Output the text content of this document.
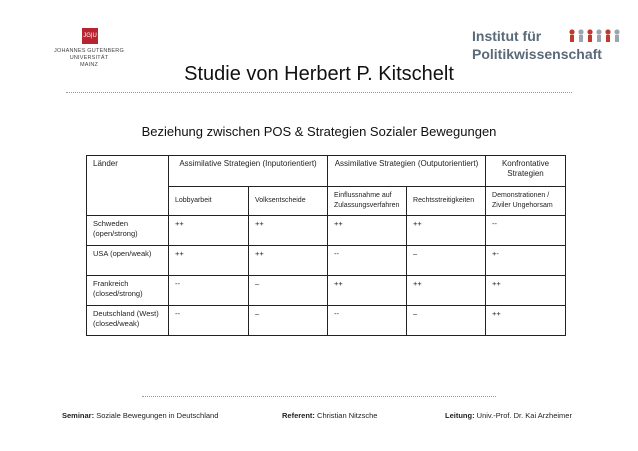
JG|U
JOHANNES GUTENBERG
UNIVERSITÄT
MAINZ
Institut für
Politikwissenschaft
Studie von Herbert P. Kitschelt
Beziehung zwischen POS & Strategien Sozialer Bewegungen
Länder	Assimilative Strategien (Inputorientiert)		Assimilative Strategien (Outputorientiert)		Konfrontative Strategien
	Lobbyarbeit	Volksentscheide	Einflussnahme auf Zulassungsverfahren	Rechtsstreitigkeiten	Demonstrationen / Ziviler Ungehorsam
Schweden (open/strong)	++	++	++	++	--
USA (open/weak)	++	++	--	–	+-
Frankreich (closed/strong)	--	–	++	++	++
Deutschland (West) (closed/weak)	--	–	--	–	++
Seminar: Soziale Bewegungen in Deutschland	Referent: Christian Nitzsche	Leitung: Univ.-Prof. Dr. Kai Arzheimer
